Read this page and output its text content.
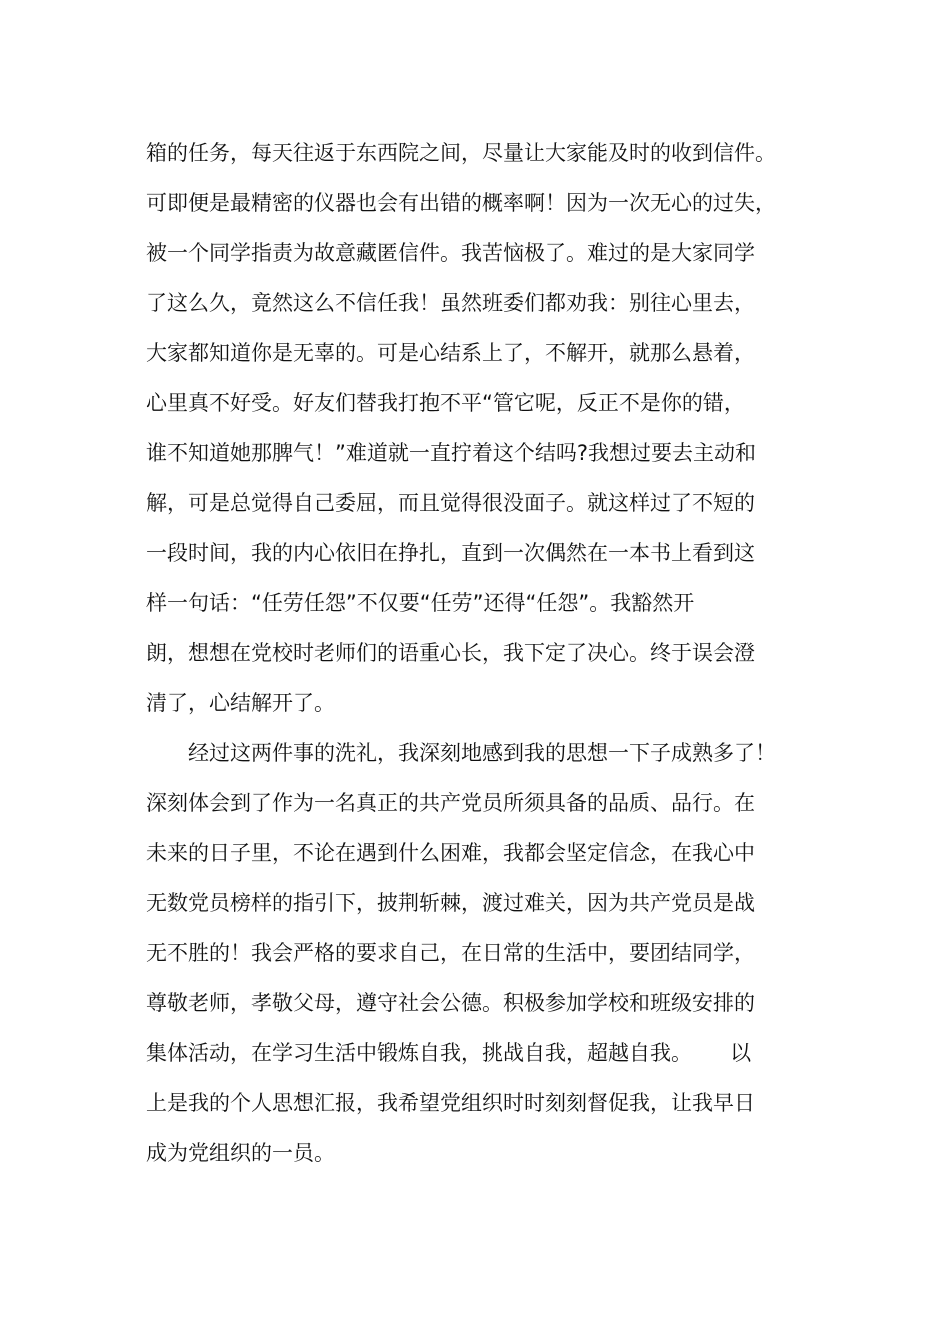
箱的任务，每天往返于东西院之间，尽量让大家能及时的收到信件。
可即便是最精密的仪器也会有出错的概率啊！因为一次无心的过失，
被一个同学指责为故意藏匿信件。我苦恼极了。难过的是大家同学
了这么久，竟然这么不信任我！虽然班委们都劝我：别往心里去，
大家都知道你是无辜的。可是心结系上了，不解开，就那么悬着，
心里真不好受。好友们替我打抱不平“管它呢，反正不是你的错，
谁不知道她那脾气！”难道就一直拧着这个结吗?我想过要去主动和
解，可是总觉得自己委屈，而且觉得很没面子。就这样过了不短的
一段时间，我的内心依旧在挣扎，直到一次偶然在一本书上看到这
样一句话：“任劳任怨”不仅要“任劳”还得“任怨”。我豁然开
朗，想想在党校时老师们的语重心长，我下定了决心。终于误会澄
清了，心结解开了。
　　经过这两件事的洗礼，我深刻地感到我的思想一下子成熟多了！
深刻体会到了作为一名真正的共产党员所须具备的品质、品行。在
未来的日子里，不论在遇到什么困难，我都会坚定信念，在我心中
无数党员榜样的指引下，披荆斩棘，渡过难关，因为共产党员是战
无不胜的！我会严格的要求自己，在日常的生活中，要团结同学，
尊敬老师，孝敬父母，遵守社会公德。积极参加学校和班级安排的
集体活动，在学习生活中锻炼自我，挑战自我，超越自我。　　 以
上是我的个人思想汇报，我希望党组织时时刻刻督促我，让我早日
成为党组织的一员。
